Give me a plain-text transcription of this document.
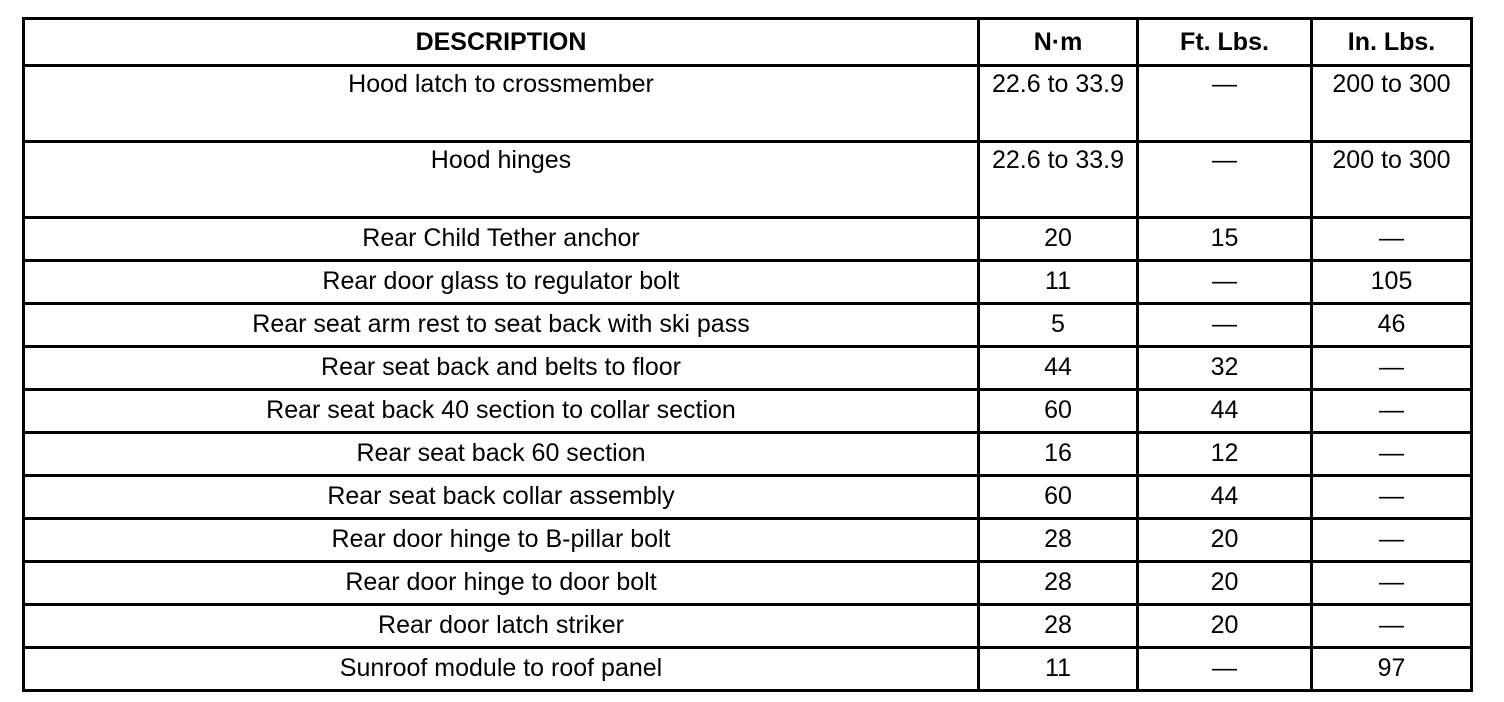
DESCRIPTION	N·m	Ft. Lbs.	In. Lbs.
Hood latch to crossmember	22.6 to 33.9	—	200 to 300
Hood hinges	22.6 to 33.9	—	200 to 300
Rear Child Tether anchor	20	15	—
Rear door glass to regulator bolt	11	—	105
Rear seat arm rest to seat back with ski pass	5	—	46
Rear seat back and belts to floor	44	32	—
Rear seat back 40 section to collar section	60	44	—
Rear seat back 60 section	16	12	—
Rear seat back collar assembly	60	44	—
Rear door hinge to B-pillar bolt	28	20	—
Rear door hinge to door bolt	28	20	—
Rear door latch striker	28	20	—
Sunroof module to roof panel	11	—	97
